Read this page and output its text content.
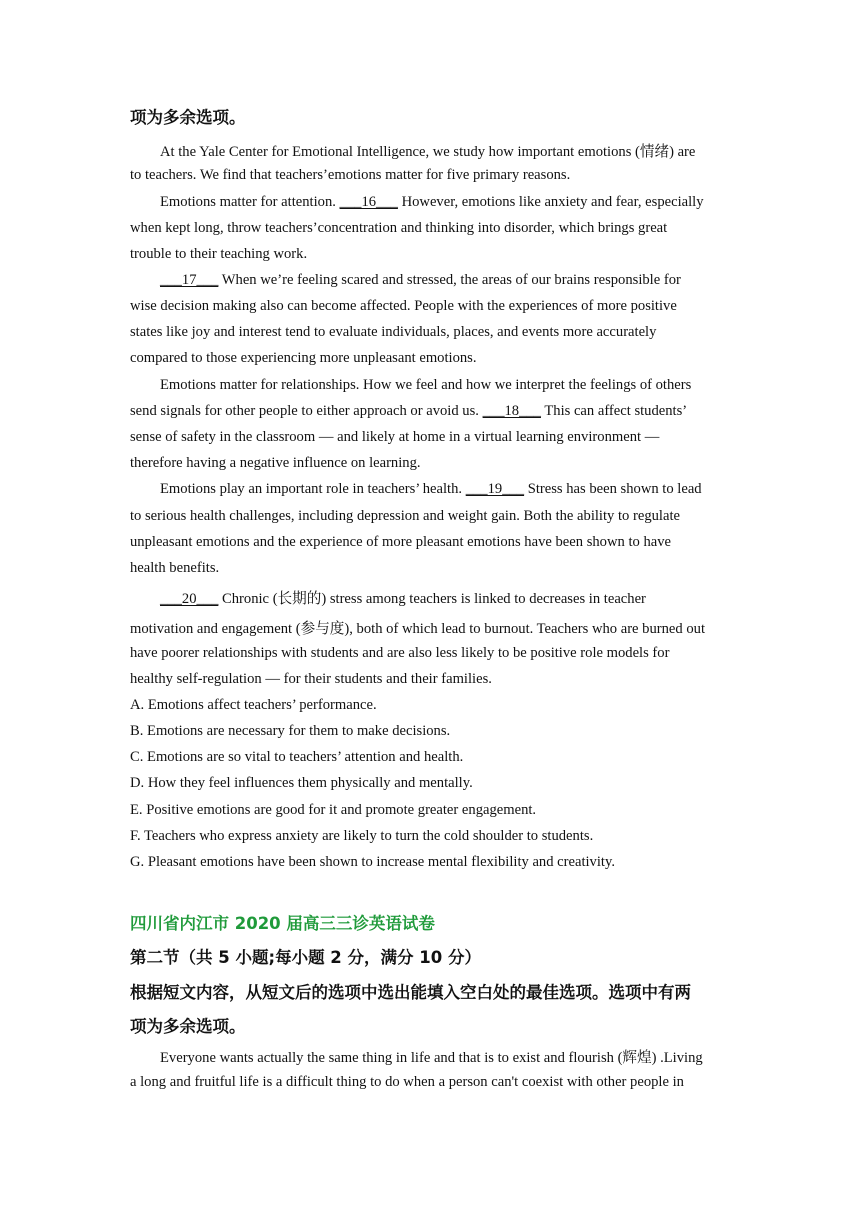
项为多余选项。
At the Yale Center for Emotional Intelligence, we study how important emotions (情绪) are
to teachers. We find that teachers’emotions matter for five primary reasons.
Emotions matter for attention. ___16___ However, emotions like anxiety and fear, especially
when kept long, throw teachers’concentration and thinking into disorder, which brings great
trouble to their teaching work.
___17___ When we’re feeling scared and stressed, the areas of our brains responsible for
wise decision making also can become affected. People with the experiences of more positive
states like joy and interest tend to evaluate individuals, places, and events more accurately
compared to those experiencing more unpleasant emotions.
Emotions matter for relationships. How we feel and how we interpret the feelings of others
send signals for other people to either approach or avoid us. ___18___ This can affect students’
sense of safety in the classroom — and likely at home in a virtual learning environment —
therefore having a negative influence on learning.
Emotions play an important role in teachers’ health. ___19___ Stress has been shown to lead
to serious health challenges, including depression and weight gain. Both the ability to regulate
unpleasant emotions and the experience of more pleasant emotions have been shown to have
health benefits.
___20___ Chronic (长期的) stress among teachers is linked to decreases in teacher
motivation and engagement (参与度), both of which lead to burnout. Teachers who are burned out
have poorer relationships with students and are also less likely to be positive role models for
healthy self-regulation — for their students and their families.
A. Emotions affect teachers’ performance.
B. Emotions are necessary for them to make decisions.
C. Emotions are so vital to teachers’ attention and health.
D. How they feel influences them physically and mentally.
E. Positive emotions are good for it and promote greater engagement.
F. Teachers who express anxiety are likely to turn the cold shoulder to students.
G. Pleasant emotions have been shown to increase mental flexibility and creativity.
四川省内江市 2020 届高三三诊英语试卷
第二节（共 5 小题;每小题 2 分，满分 10 分）
根据短文内容，从短文后的选项中选出能填入空白处的最佳选项。选项中有两
项为多余选项。
Everyone wants actually the same thing in life and that is to exist and flourish (辉煌) .Living
a long and fruitful life is a difficult thing to do when a person can't coexist with other people in
